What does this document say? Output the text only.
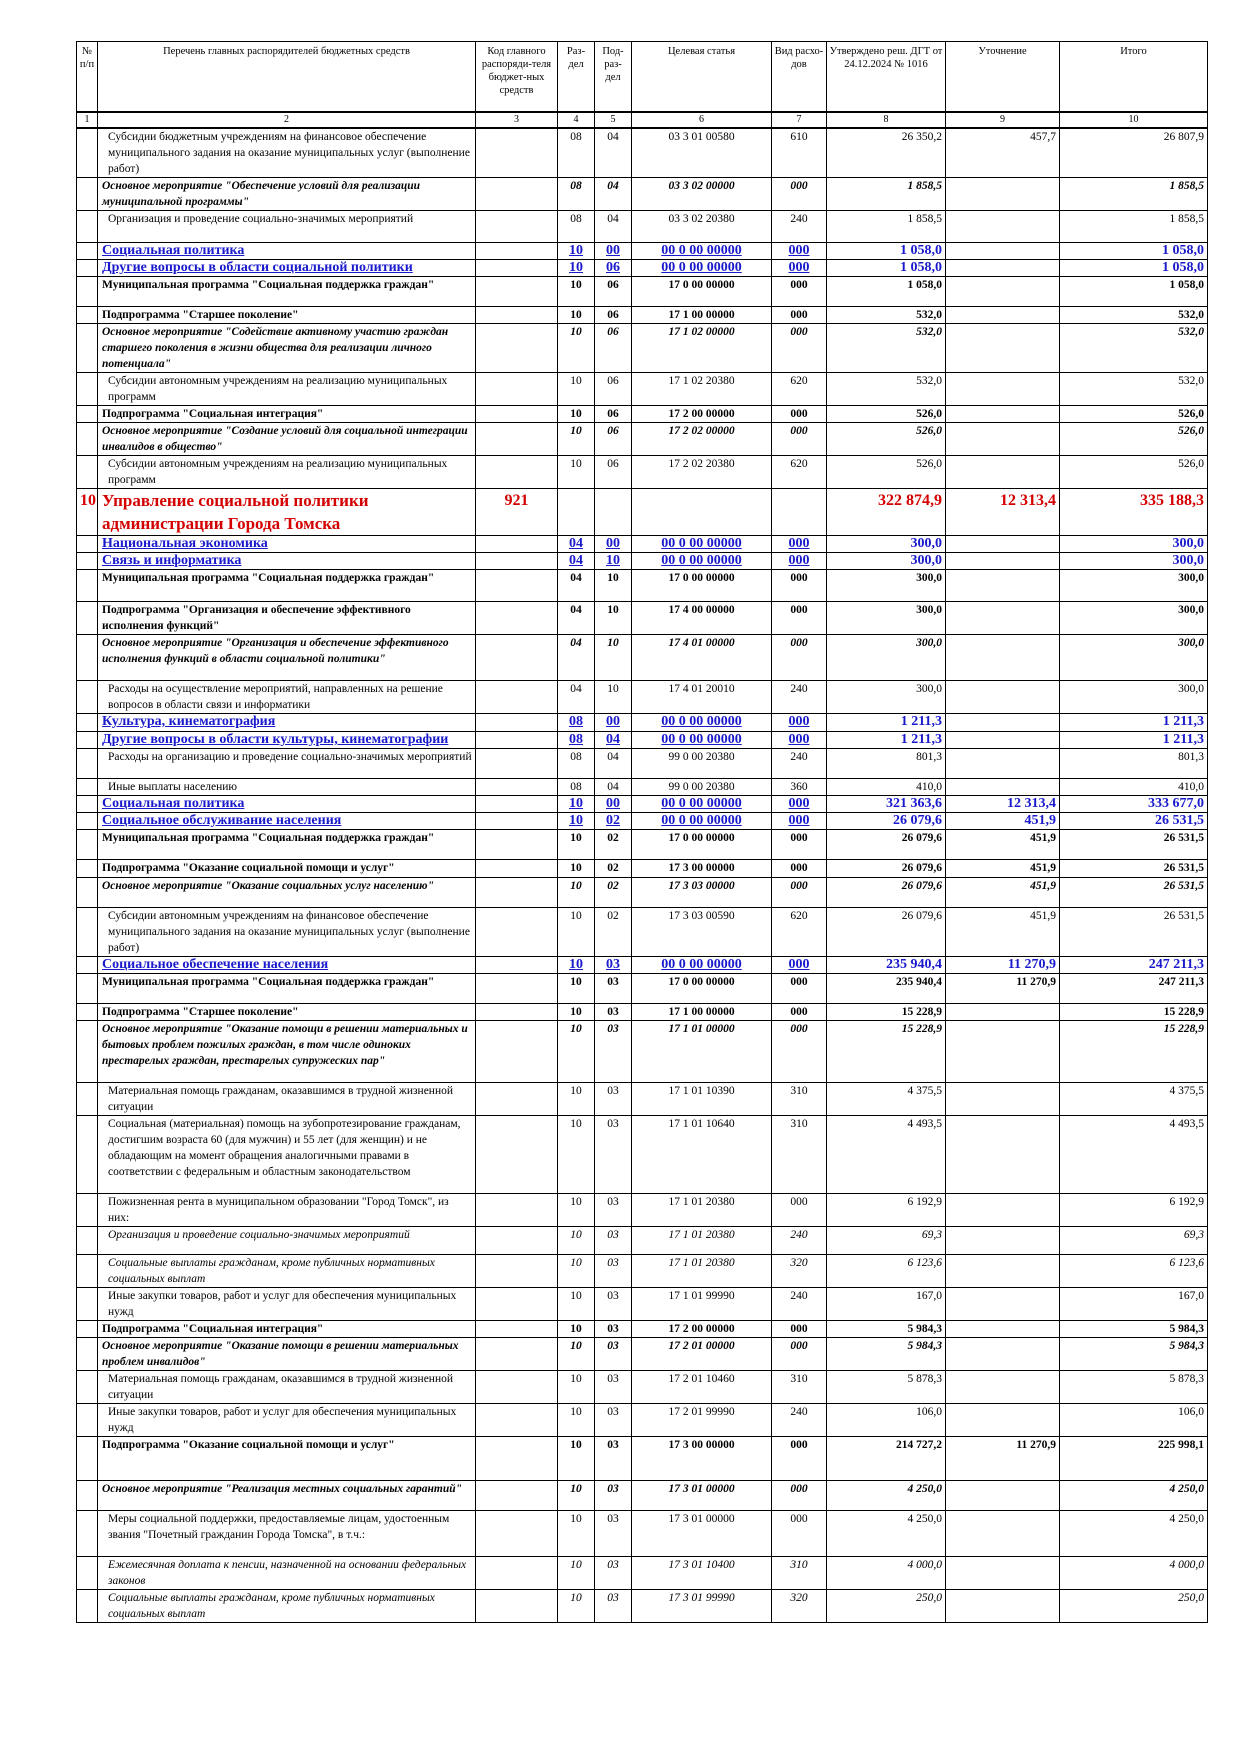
№ п/п	Перечень главных распорядителей бюджетных средств	Код главного распоряди-теля бюджет-ных средств	Раз-дел	Под-раз-дел	Целевая статья	Вид расхо-дов	Утверждено реш. ДГТ от 24.12.2024 № 1016	Уточнение	Итого
1	2	3	4	5	6	7	8	9	10
	Субсидии бюджетным учреждениям на финансовое обеспечение муниципального задания на оказание муниципальных услуг (выполнение работ)		08	04	03 3 01 00580	610	26 350,2	457,7	26 807,9
	Основное мероприятие "Обеспечение условий для реализации муниципальной программы"		08	04	03 3 02 00000	000	1 858,5		1 858,5
	Организация и проведение социально-значимых мероприятий		08	04	03 3 02 20380	240	1 858,5		1 858,5
	Социальная политика		10	00	00 0 00 00000	000	1 058,0		1 058,0
	Другие вопросы в области социальной политики		10	06	00 0 00 00000	000	1 058,0		1 058,0
	Муниципальная программа "Социальная поддержка граждан"		10	06	17 0 00 00000	000	1 058,0		1 058,0
	Подпрограмма "Старшее поколение"		10	06	17 1 00 00000	000	532,0		532,0
	Основное мероприятие "Содействие активному участию граждан старшего поколения в жизни общества для реализации личного потенциала"		10	06	17 1 02 00000	000	532,0		532,0
	Субсидии автономным учреждениям на реализацию муниципальных программ		10	06	17 1 02 20380	620	532,0		532,0
	Подпрограмма "Социальная интеграция"		10	06	17 2 00 00000	000	526,0		526,0
	Основное мероприятие "Создание условий для социальной интеграции инвалидов в общество"		10	06	17 2 02 00000	000	526,0		526,0
	Субсидии автономным учреждениям на реализацию муниципальных программ		10	06	17 2 02 20380	620	526,0		526,0
10	Управление социальной политики администрации Города Томска	921					322 874,9	12 313,4	335 188,3
	Национальная экономика		04	00	00 0 00 00000	000	300,0		300,0
	Связь и информатика		04	10	00 0 00 00000	000	300,0		300,0
	Муниципальная программа "Социальная поддержка граждан"		04	10	17 0 00 00000	000	300,0		300,0
	Подпрограмма "Организация и обеспечение эффективного исполнения функций"		04	10	17 4 00 00000	000	300,0		300,0
	Основное мероприятие "Организация и обеспечение эффективного исполнения функций в области социальной политики"		04	10	17 4 01 00000	000	300,0		300,0
	Расходы на осуществление мероприятий, направленных на решение вопросов в области связи и информатики		04	10	17 4 01 20010	240	300,0		300,0
	Культура, кинематография		08	00	00 0 00 00000	000	1 211,3		1 211,3
	Другие вопросы в области культуры, кинематографии		08	04	00 0 00 00000	000	1 211,3		1 211,3
	Расходы на организацию и проведение социально-значимых мероприятий		08	04	99 0 00 20380	240	801,3		801,3
	Иные выплаты населению		08	04	99 0 00 20380	360	410,0		410,0
	Социальная политика		10	00	00 0 00 00000	000	321 363,6	12 313,4	333 677,0
	Социальное обслуживание населения		10	02	00 0 00 00000	000	26 079,6	451,9	26 531,5
	Муниципальная программа "Социальная поддержка граждан"		10	02	17 0 00 00000	000	26 079,6	451,9	26 531,5
	Подпрограмма "Оказание социальной помощи и услуг"		10	02	17 3 00 00000	000	26 079,6	451,9	26 531,5
	Основное мероприятие "Оказание социальных услуг населению"		10	02	17 3 03 00000	000	26 079,6	451,9	26 531,5
	Субсидии автономным учреждениям на финансовое обеспечение муниципального задания на оказание муниципальных услуг (выполнение работ)		10	02	17 3 03 00590	620	26 079,6	451,9	26 531,5
	Социальное обеспечение населения		10	03	00 0 00 00000	000	235 940,4	11 270,9	247 211,3
	Муниципальная программа "Социальная поддержка граждан"		10	03	17 0 00 00000	000	235 940,4	11 270,9	247 211,3
	Подпрограмма "Старшее поколение"		10	03	17 1 00 00000	000	15 228,9		15 228,9
	Основное мероприятие "Оказание помощи в решении материальных и бытовых проблем пожилых граждан, в том числе одиноких престарелых граждан, престарелых супружеских пар"		10	03	17 1 01 00000	000	15 228,9		15 228,9
	Материальная помощь гражданам, оказавшимся в трудной жизненной ситуации		10	03	17 1 01 10390	310	4 375,5		4 375,5
	Социальная (материальная) помощь на зубопротезирование гражданам, достигшим возраста 60 (для мужчин) и 55 лет (для женщин) и не обладающим на момент обращения аналогичными правами в соответствии с федеральным и областным законодательством		10	03	17 1 01 10640	310	4 493,5		4 493,5
	Пожизненная рента в муниципальном образовании "Город Томск", из них:		10	03	17 1 01 20380	000	6 192,9		6 192,9
	Организация и проведение социально-значимых мероприятий		10	03	17 1 01 20380	240	69,3		69,3
	Социальные выплаты гражданам, кроме публичных нормативных социальных выплат		10	03	17 1 01 20380	320	6 123,6		6 123,6
	Иные закупки товаров, работ и услуг для обеспечения муниципальных нужд		10	03	17 1 01 99990	240	167,0		167,0
	Подпрограмма "Социальная интеграция"		10	03	17 2 00 00000	000	5 984,3		5 984,3
	Основное мероприятие "Оказание помощи в решении материальных проблем инвалидов"		10	03	17 2 01 00000	000	5 984,3		5 984,3
	Материальная помощь гражданам, оказавшимся в трудной жизненной ситуации		10	03	17 2 01 10460	310	5 878,3		5 878,3
	Иные закупки товаров, работ и услуг для обеспечения муниципальных нужд		10	03	17 2 01 99990	240	106,0		106,0
	Подпрограмма "Оказание социальной помощи и услуг"		10	03	17 3 00 00000	000	214 727,2	11 270,9	225 998,1
	Основное мероприятие "Реализация местных социальных гарантий"		10	03	17 3 01 00000	000	4 250,0		4 250,0
	Меры социальной поддержки, предоставляемые лицам, удостоенным звания "Почетный гражданин Города Томска", в т.ч.:		10	03	17 3 01 00000	000	4 250,0		4 250,0
	Ежемесячная доплата к пенсии, назначенной на основании федеральных законов		10	03	17 3 01 10400	310	4 000,0		4 000,0
	Социальные выплаты гражданам, кроме публичных нормативных социальных выплат		10	03	17 3 01 99990	320	250,0		250,0
